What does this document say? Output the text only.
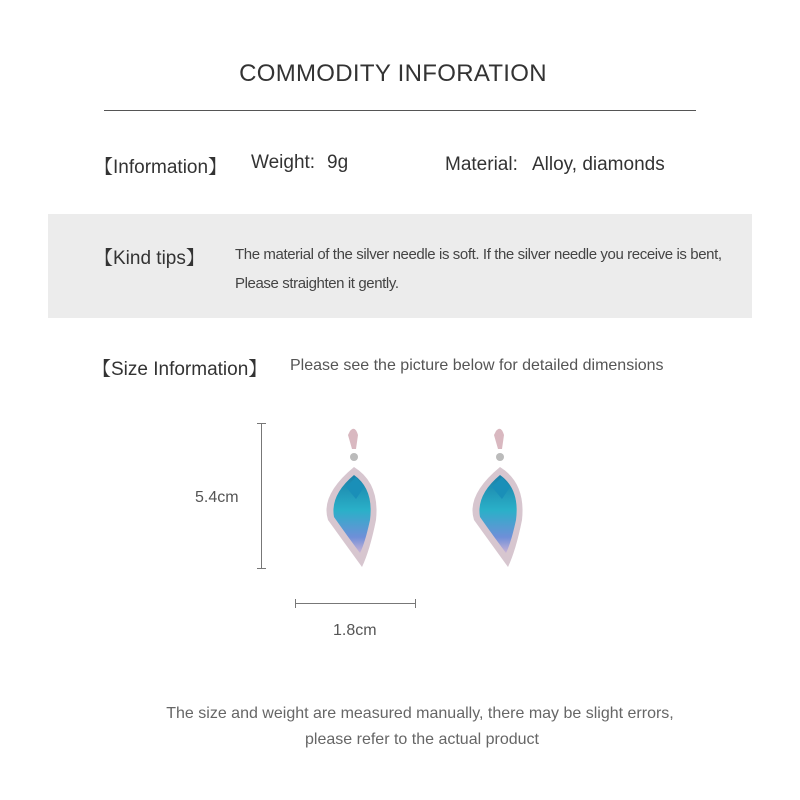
COMMODITY INFORATION
【Information】 Weight: 9g	Material: Alloy, diamonds
【Kind tips】 The material of the silver needle is soft. If the silver needle you receive is bent,
Please straighten it gently.
【Size Information】 Please see the picture below for detailed dimensions
5.4cm
1.8cm
The size and weight are measured manually, there may be slight errors,
please refer to the actual product
